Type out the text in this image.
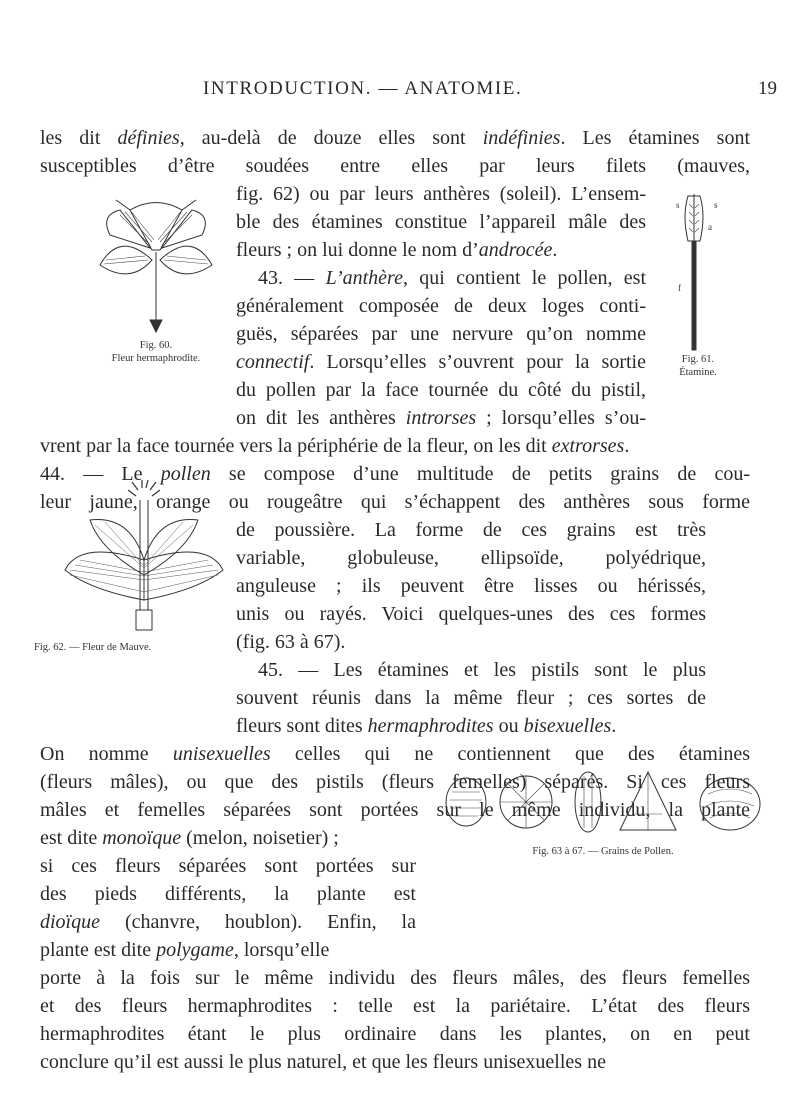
INTRODUCTION. — ANATOMIE.	19
les dit définies, au-delà de douze elles sont indéfinies. Les étamines sont
susceptibles d’être soudées entre elles par leurs filets (mauves,
fig. 62) ou par leurs anthères (soleil). L’ensem-
ble des étamines constitue l’appareil mâle des
fleurs ; on lui donne le nom d’androcée.
43. — L’anthère, qui contient le pollen, est
généralement composée de deux loges conti-
guës, séparées par une nervure qu’on nomme
connectif. Lorsqu’elles s’ouvrent pour la sortie
du pollen par la face tournée du côté du pistil,
on dit les anthères introrses ; lorsqu’elles s’ou-
vrent par la face tournée vers la périphérie de la fleur, on les dit extrorses.
44. — Le pollen se compose d’une multitude de petits grains de cou-
leur jaune, orange ou rougeâtre qui s’échappent des anthères sous forme
de poussière. La forme de ces grains est très
variable, globuleuse, ellipsoïde, polyédrique,
anguleuse ; ils peuvent être lisses ou hérissés,
unis ou rayés. Voici quelques-unes des ces formes
(fig. 63 à 67).
45. — Les étamines et les pistils sont le plus
souvent réunis dans la même fleur ; ces sortes de
fleurs sont dites hermaphrodites ou bisexuelles.
On nomme unisexuelles celles qui ne contiennent que des étamines
(fleurs mâles), ou que des pistils (fleurs femelles) séparés. Si ces fleurs
mâles et femelles séparées sont portées sur le même individu, la plante
est dite monoïque (melon, noisetier) ;
si ces fleurs séparées sont portées sur
des pieds différents, la plante est
dioïque (chanvre, houblon). Enfin, la
plante est dite polygame, lorsqu’elle
porte à la fois sur le même individu des fleurs mâles, des fleurs femelles
et des fleurs hermaphrodites : telle est la pariétaire. L’état des fleurs
hermaphrodites étant le plus ordinaire dans les plantes, on en peut
conclure qu’il est aussi le plus naturel, et que les fleurs unisexuelles ne
Fig. 60.
Fleur hermaphrodite.
s	s
a
f
Fig. 61.
Étamine.
Fig. 62. — Fleur de Mauve.
Fig. 63 à 67. — Grains de Pollen.
